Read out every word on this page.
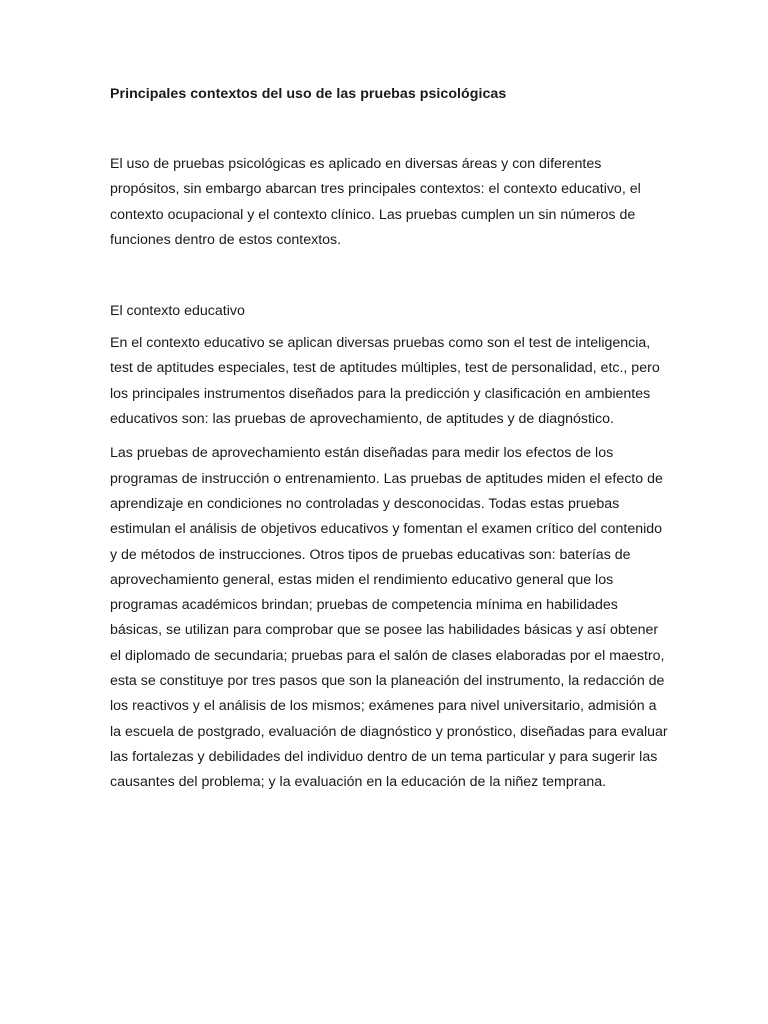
Principales contextos del uso de las pruebas psicológicas

El uso de pruebas psicológicas es aplicado en diversas áreas y con diferentes propósitos, sin embargo abarcan tres principales contextos: el contexto educativo, el contexto ocupacional y el contexto clínico. Las pruebas cumplen un sin números de funciones dentro de estos contextos.

El contexto educativo

En el contexto educativo se aplican diversas pruebas como son el test de inteligencia, test de aptitudes especiales, test de aptitudes múltiples, test de personalidad, etc., pero los principales instrumentos diseñados para la predicción y clasificación en ambientes educativos son: las pruebas de aprovechamiento, de aptitudes y de diagnóstico.

Las pruebas de aprovechamiento están diseñadas para medir los efectos de los programas de instrucción o entrenamiento. Las pruebas de aptitudes miden el efecto de aprendizaje en condiciones no controladas y desconocidas. Todas estas pruebas estimulan el análisis de objetivos educativos y fomentan el examen crítico del contenido y de métodos de instrucciones. Otros tipos de pruebas educativas son: baterías de aprovechamiento general, estas miden el rendimiento educativo general que los programas académicos brindan; pruebas de competencia mínima en habilidades básicas, se utilizan para comprobar que se posee las habilidades básicas y así obtener el diplomado de secundaria; pruebas para el salón de clases elaboradas por el maestro, esta se constituye por tres pasos que son la planeación del instrumento, la redacción de los reactivos y el análisis de los mismos; exámenes para nivel universitario, admisión a la escuela de postgrado, evaluación de diagnóstico y pronóstico, diseñadas para evaluar las fortalezas y debilidades del individuo dentro de un tema particular y para sugerir las causantes del problema; y la evaluación en la educación de la niñez temprana.
